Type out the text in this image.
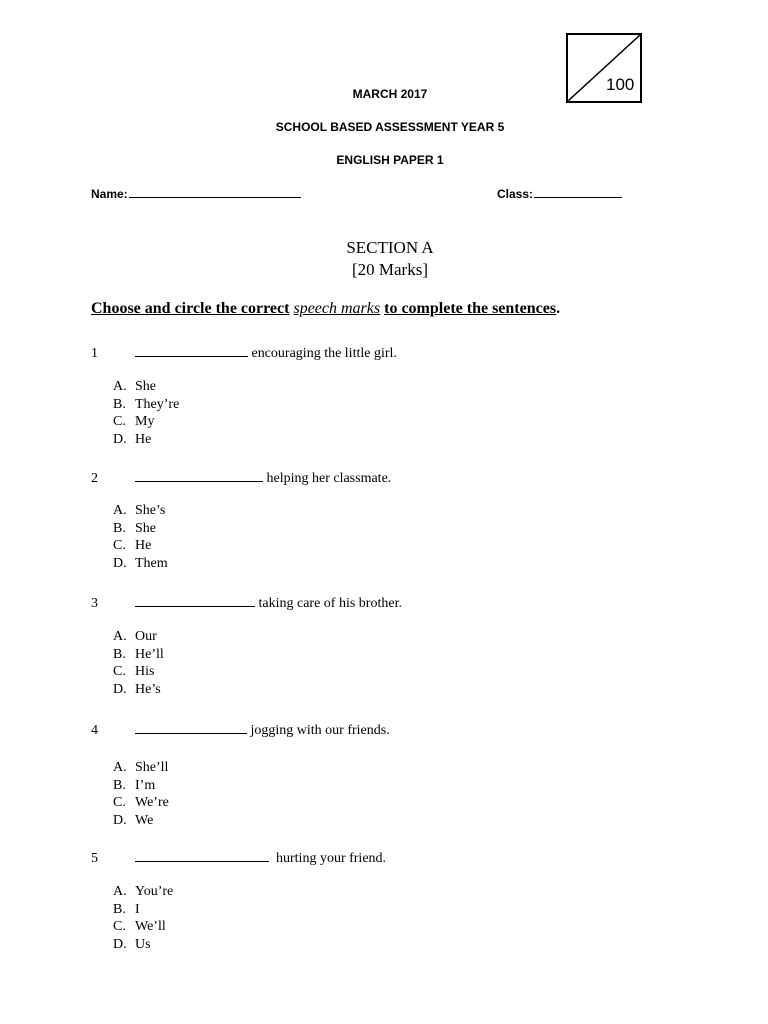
100
MARCH 2017
SCHOOL BASED ASSESSMENT YEAR 5
ENGLISH PAPER 1
Name:	Class:
SECTION A
[20 Marks]
Choose and circle the correct speech marks to complete the sentences.
1	encouraging the little girl.
A. She
B. They’re
C. My
D. He
2	helping her classmate.
A. She’s
B. She
C. He
D. Them
3	taking care of his brother.
A. Our
B. He’ll
C. His
D. He’s
4	jogging with our friends.
A. She’ll
B. I’m
C. We’re
D. We
5	hurting your friend.
A. You’re
B. I
C. We’ll
D. Us
